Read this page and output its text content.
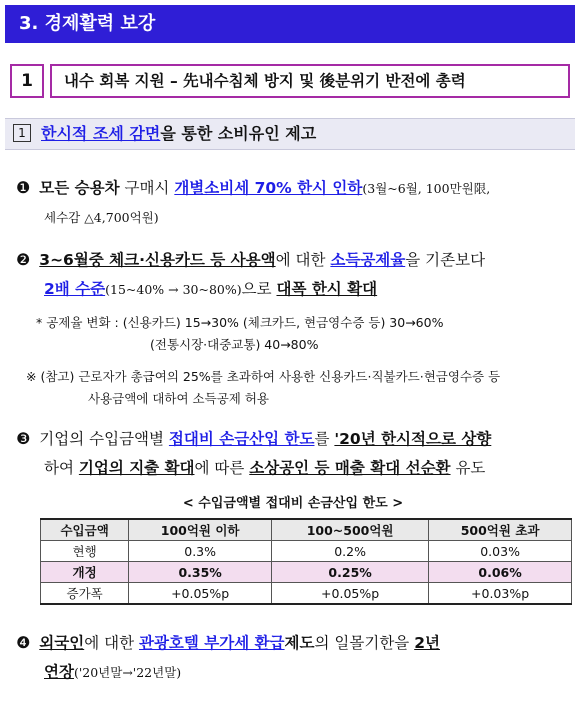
3. 경제활력 보강
1	내수 회복 지원 – 先내수침체 방지 및 後분위기 반전에 총력
1 한시적 조세 감면을 통한 소비유인 제고
❶ 모든 승용차 구매시 개별소비세 70% 한시 인하(3월~6월, 100만원限,
세수감 △4,700억원)
❷ 3~6월중 체크·신용카드 등 사용액에 대한 소득공제율을 기존보다
2배 수준(15~40% → 30~80%)으로 대폭 한시 확대
* 공제율 변화 : (신용카드) 15→30% (체크카드, 현금영수증 등) 30→60%
(전통시장·대중교통) 40→80%
※ (참고) 근로자가 총급여의 25%를 초과하여 사용한 신용카드·직불카드·현금영수증 등
사용금액에 대하여 소득공제 허용
❸ 기업의 수입금액별 접대비 손금산입 한도를 '20년 한시적으로 상향
하여 기업의 지출 확대에 따른 소상공인 등 매출 확대 선순환 유도
< 수입금액별 접대비 손금산입 한도 >
수입금액	100억원 이하	100~500억원	500억원 초과
현행	0.3%	0.2%	0.03%
개정	0.35%	0.25%	0.06%
증가폭	+0.05%p	+0.05%p	+0.03%p
❹ 외국인에 대한 관광호텔 부가세 환급제도의 일몰기한을 2년
연장('20년말→'22년말)
